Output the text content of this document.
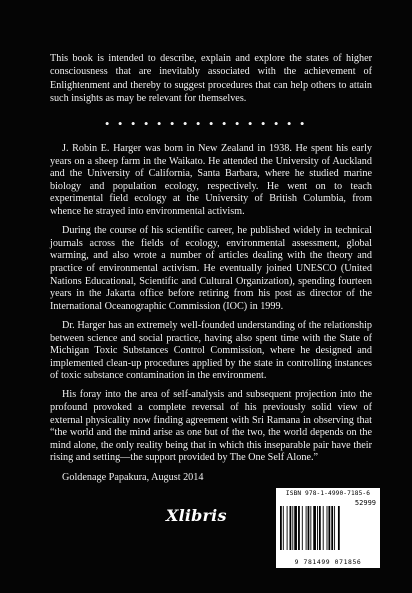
This book is intended to describe, explain and explore the states of higher consciousness that are inevitably associated with the achievement of Enlightenment and thereby to suggest procedures that can help others to attain such insights as may be relevant for themselves.

• • • • • • • • • • • • • • • •

J. Robin E. Harger was born in New Zealand in 1938. He spent his early years on a sheep farm in the Waikato. He attended the University of Auckland and the University of California, Santa Barbara, where he studied marine biology and population ecology, respectively. He went on to teach experimental field ecology at the University of British Columbia, from whence he strayed into environmental activism.

During the course of his scientific career, he published widely in technical journals across the fields of ecology, environmental assessment, global warming, and also wrote a number of articles dealing with the theory and practice of environmental activism. He eventually joined UNESCO (United Nations Educational, Scientific and Cultural Organization), spending fourteen years in the Jakarta office before retiring from his post as director of the International Oceanographic Commission (IOC) in 1999.

Dr. Harger has an extremely well-founded understanding of the relationship between science and social practice, having also spent time with the State of Michigan Toxic Substances Control Commission, where he designed and implemented clean-up procedures applied by the state in controlling instances of toxic substance contamination in the environment.

His foray into the area of self-analysis and subsequent projection into the profound provoked a complete reversal of his previously solid view of external physicality now finding agreement with Sri Ramana in observing that “the world and the mind arise as one but of the two, the world depends on the mind alone, the only reality being that in which this inseparable pair have their rising and setting—the support provided by The One Self Alone.”

Goldenage Papakura, August 2014

Xlibris
ISBN 978-1-4990-7185-6
52999
9 781499 071856
